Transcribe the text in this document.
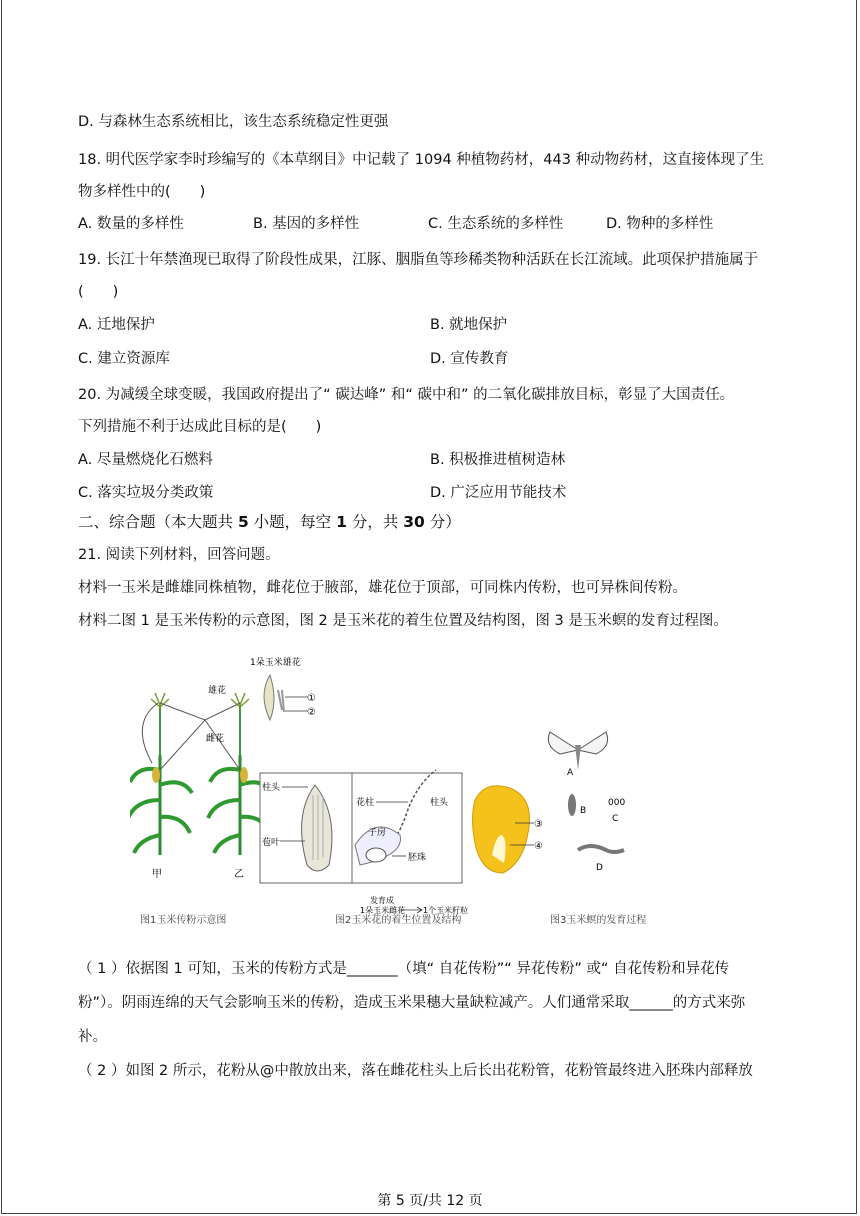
D. 与森林生态系统相比，该生态系统稳定性更强
18. 明代医学家李时珍编写的《本草纲目》中记载了 1094 种植物药材，443 种动物药材，这直接体现了生
物多样性中的(　　)
A. 数量的多样性	B. 基因的多样性	C. 生态系统的多样性	D. 物种的多样性
19. 长江十年禁渔现已取得了阶段性成果，江豚、胭脂鱼等珍稀类物种活跃在长江流域。此项保护措施属于
(　　)
A. 迁地保护	B. 就地保护
C. 建立资源库	D. 宣传教育
20. 为减缓全球变暖，我国政府提出了“ 碳达峰” 和“ 碳中和” 的二氧化碳排放目标，彰显了大国责任。
下列措施不利于达成此目标的是(　　)
A. 尽量燃烧化石燃料	B. 积极推进植树造林
C. 落实垃圾分类政策	D. 广泛应用节能技术
二、综合题（本大题共 5 小题，每空 1 分，共 30 分）
21. 阅读下列材料，回答问题。
材料一玉米是雌雄同株植物，雌花位于腋部，雄花位于顶部，可同株内传粉，也可异株间传粉。
材料二图 1 是玉米传粉的示意图，图 2 是玉米花的着生位置及结构图，图 3 是玉米螟的发育过程图。
雄花
雌花
甲	乙
1朵玉米雄花
①
②
柱头
苞叶
花柱	柱头
子房
胚珠
发育成
1朵玉米雌花 1个玉米籽粒
③
④
A
B
000
C
D
图1玉米传粉示意图	图2玉米花的着生位置及结构	图3玉米螟的发育过程
（ 1 ）依据图 1 可知，玉米的传粉方式是_______（填“ 自花传粉”“ 异花传粉” 或“ 自花传粉和异花传
粉”）。阴雨连绵的天气会影响玉米的传粉，造成玉米果穗大量缺粒减产。人们通常采取______的方式来弥
补。
（ 2 ）如图 2 所示，花粉从@中散放出来，落在雌花柱头上后长出花粉管，花粉管最终进入胚珠内部释放
第 5 页/共 12 页
